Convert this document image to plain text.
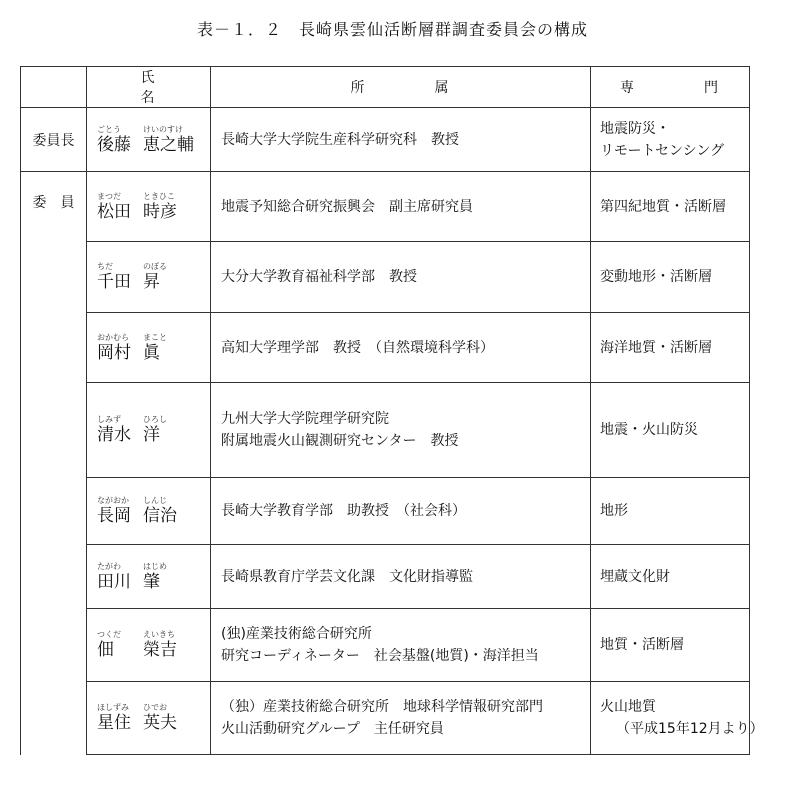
表－１．２　長崎県雲仙活断層群調査委員会の構成
	氏　名	所　属	専　門

委員長	ごとう けいのすけ
後藤 恵之輔	長崎大学大学院生産科学研究科　教授	地震防災・
リモートセンシング

委　員	まつだ ときひこ
松田 時彦	地震予知総合研究振興会　副主席研究員	第四紀地質・活断層

	ちだ のぼる
千田 昇	大分大学教育福祉科学部　教授	変動地形・活断層

	おかむら まこと
岡村 眞	高知大学理学部　教授　（自然環境科学科）	海洋地質・活断層

	しみず ひろし
清水 洋	九州大学大学院理学研究院
附属地震火山観測研究センター　教授	地震・火山防災

	ながおか しんじ
長岡 信治	長崎大学教育学部　助教授　（社会科）	地形

	たがわ はじめ
田川 肇	長崎県教育庁学芸文化課　文化財指導監	埋蔵文化財

	つくだ えいきち
佃 榮吉	(独)産業技術総合研究所
研究コーディネーター　社会基盤(地質)・海洋担当	地質・活断層

	ほしずみ ひでお
星住 英夫	（独）産業技術総合研究所　地球科学情報研究部門
火山活動研究グループ　主任研究員	火山地質
（平成15年12月より）
